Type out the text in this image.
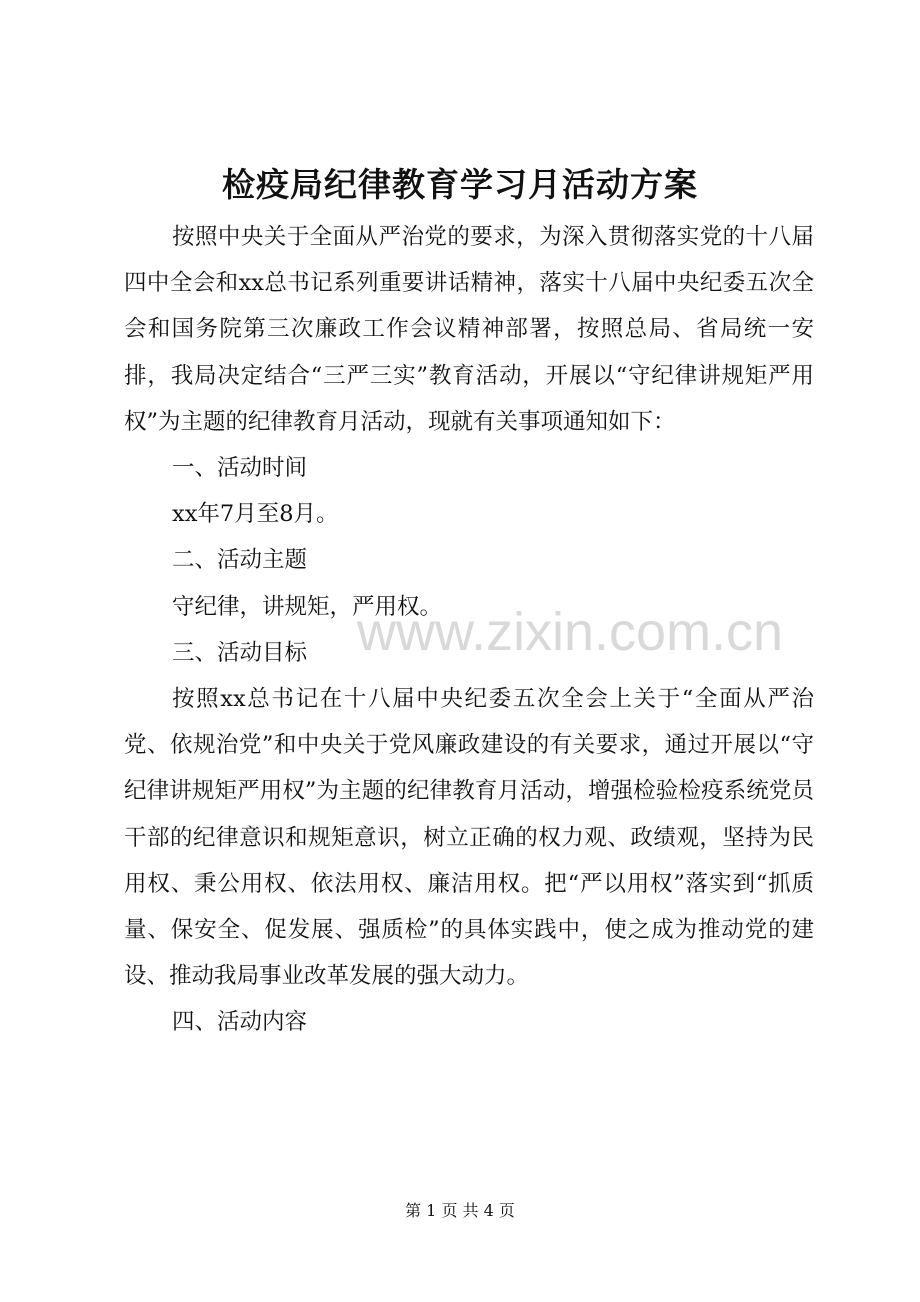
检疫局纪律教育学习月活动方案

按照中央关于全面从严治党的要求，为深入贯彻落实党的十八届四中全会和xx总书记系列重要讲话精神，落实十八届中央纪委五次全会和国务院第三次廉政工作会议精神部署，按照总局、省局统一安排，我局决定结合“三严三实”教育活动，开展以“守纪律讲规矩严用权”为主题的纪律教育月活动，现就有关事项通知如下：

一、活动时间

xx年7月至8月。

二、活动主题

守纪律，讲规矩，严用权。

三、活动目标

按照xx总书记在十八届中央纪委五次全会上关于“全面从严治党、依规治党”和中央关于党风廉政建设的有关要求，通过开展以“守纪律讲规矩严用权”为主题的纪律教育月活动，增强检验检疫系统党员干部的纪律意识和规矩意识，树立正确的权力观、政绩观，坚持为民用权、秉公用权、依法用权、廉洁用权。把“严以用权”落实到“抓质量、保安全、促发展、强质检”的具体实践中，使之成为推动党的建设、推动我局事业改革发展的强大动力。

四、活动内容

www.zixin.com.cn
第 1 页 共 4 页
